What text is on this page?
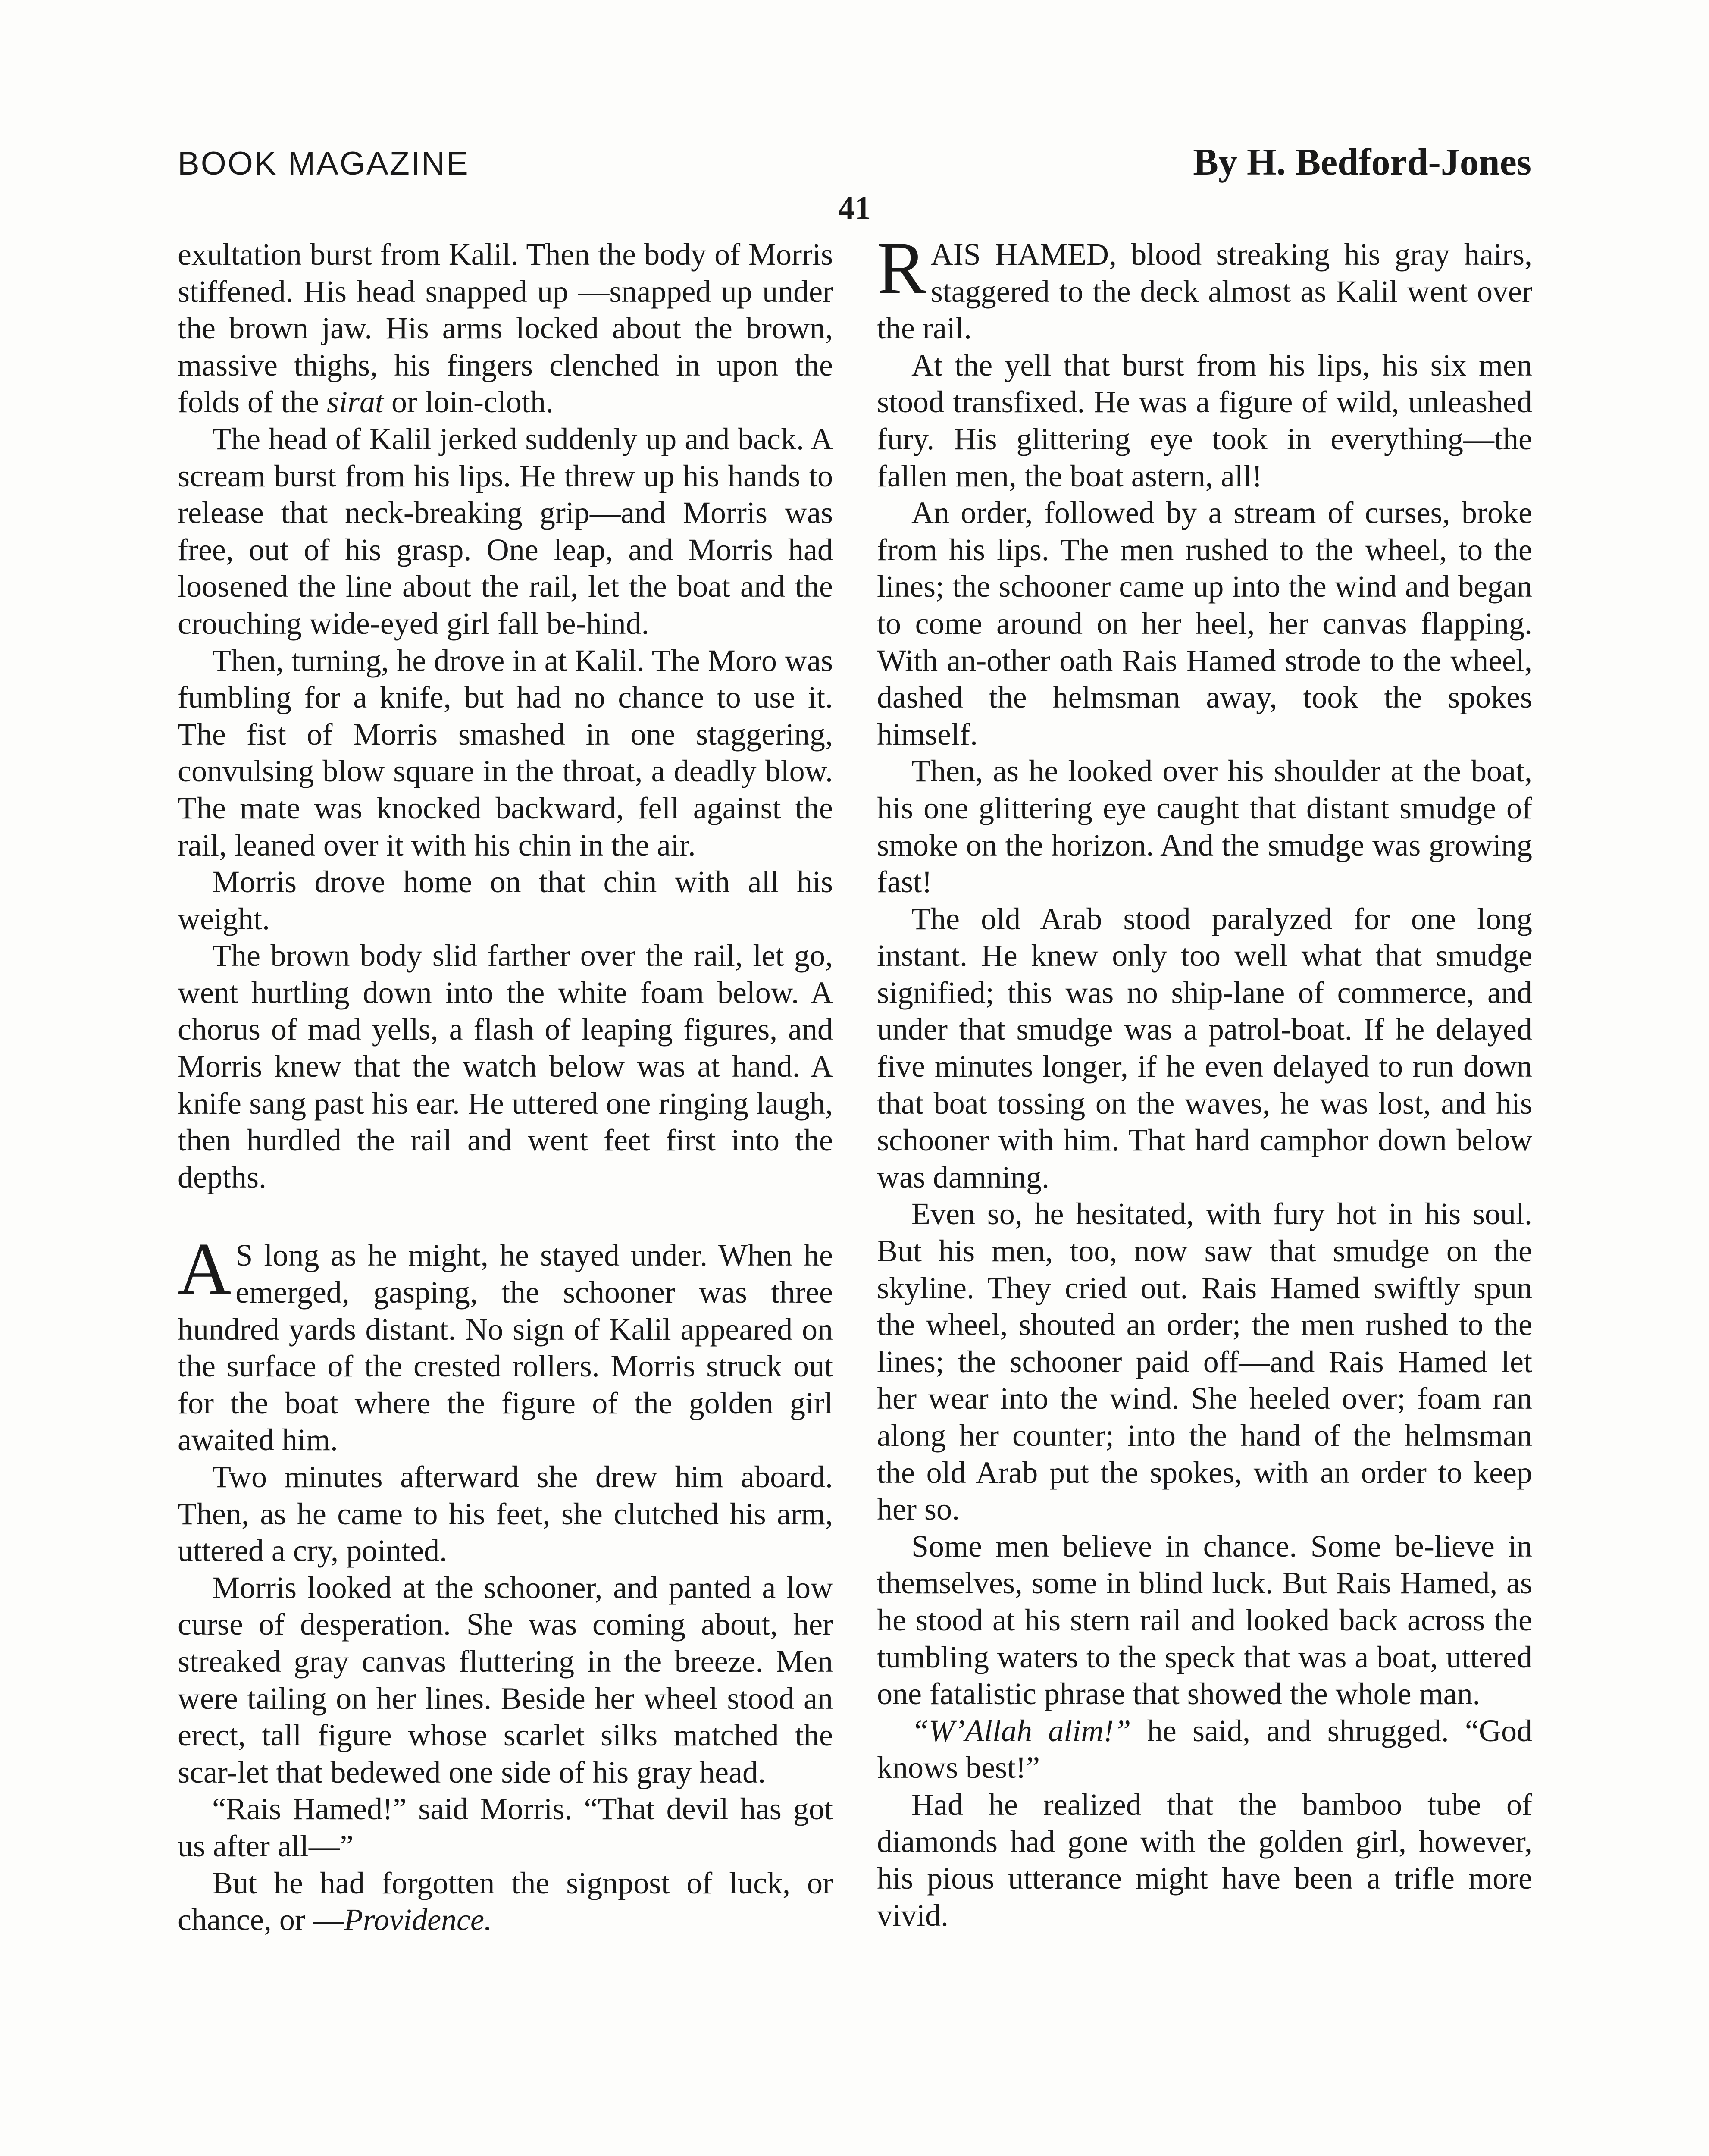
BOOK MAGAZINE	By H. Bedford-Jones
41

exultation burst from Kalil. Then the body of Morris stiffened. His head snapped up —snapped up under the brown jaw. His arms locked about the brown, massive thighs, his fingers clenched in upon the folds of the sirat or loin-cloth.

The head of Kalil jerked suddenly up and back. A scream burst from his lips. He threw up his hands to release that neck-breaking grip—and Morris was free, out of his grasp. One leap, and Morris had loosened the line about the rail, let the boat and the crouching wide-eyed girl fall be-hind.

Then, turning, he drove in at Kalil. The Moro was fumbling for a knife, but had no chance to use it. The fist of Morris smashed in one staggering, convulsing blow square in the throat, a deadly blow. The mate was knocked backward, fell against the rail, leaned over it with his chin in the air.

Morris drove home on that chin with all his weight.

The brown body slid farther over the rail, let go, went hurtling down into the white foam below. A chorus of mad yells, a flash of leaping figures, and Morris knew that the watch below was at hand. A knife sang past his ear. He uttered one ringing laugh, then hurdled the rail and went feet first into the depths.

A S long as he might, he stayed under. When he emerged, gasping, the schooner was three hundred yards distant. No sign of Kalil appeared on the surface of the crested rollers. Morris struck out for the boat where the figure of the golden girl awaited him.

Two minutes afterward she drew him aboard. Then, as he came to his feet, she clutched his arm, uttered a cry, pointed.

Morris looked at the schooner, and panted a low curse of desperation. She was coming about, her streaked gray canvas fluttering in the breeze. Men were tailing on her lines. Beside her wheel stood an erect, tall figure whose scarlet silks matched the scar-let that bedewed one side of his gray head.

“Rais Hamed!” said Morris. “That devil has got us after all—”

But he had forgotten the signpost of luck, or chance, or —Providence.

RAIS HAMED, blood streaking his gray hairs, staggered to the deck almost as Kalil went over the rail.

At the yell that burst from his lips, his six men stood transfixed. He was a figure of wild, unleashed fury. His glittering eye took in everything—the fallen men, the boat astern, all!

An order, followed by a stream of curses, broke from his lips. The men rushed to the wheel, to the lines; the schooner came up into the wind and began to come around on her heel, her canvas flapping. With an-other oath Rais Hamed strode to the wheel, dashed the helmsman away, took the spokes himself.

Then, as he looked over his shoulder at the boat, his one glittering eye caught that distant smudge of smoke on the horizon. And the smudge was growing fast!

The old Arab stood paralyzed for one long instant. He knew only too well what that smudge signified; this was no ship-lane of commerce, and under that smudge was a patrol-boat. If he delayed five minutes longer, if he even delayed to run down that boat tossing on the waves, he was lost, and his schooner with him. That hard camphor down below was damning.

Even so, he hesitated, with fury hot in his soul. But his men, too, now saw that smudge on the skyline. They cried out. Rais Hamed swiftly spun the wheel, shouted an order; the men rushed to the lines; the schooner paid off—and Rais Hamed let her wear into the wind. She heeled over; foam ran along her counter; into the hand of the helmsman the old Arab put the spokes, with an order to keep her so.

Some men believe in chance. Some be-lieve in themselves, some in blind luck. But Rais Hamed, as he stood at his stern rail and looked back across the tumbling waters to the speck that was a boat, uttered one fatalistic phrase that showed the whole man.

“W’Allah alim!” he said, and shrugged. “God knows best!”

Had he realized that the bamboo tube of diamonds had gone with the golden girl, however, his pious utterance might have been a trifle more vivid.
